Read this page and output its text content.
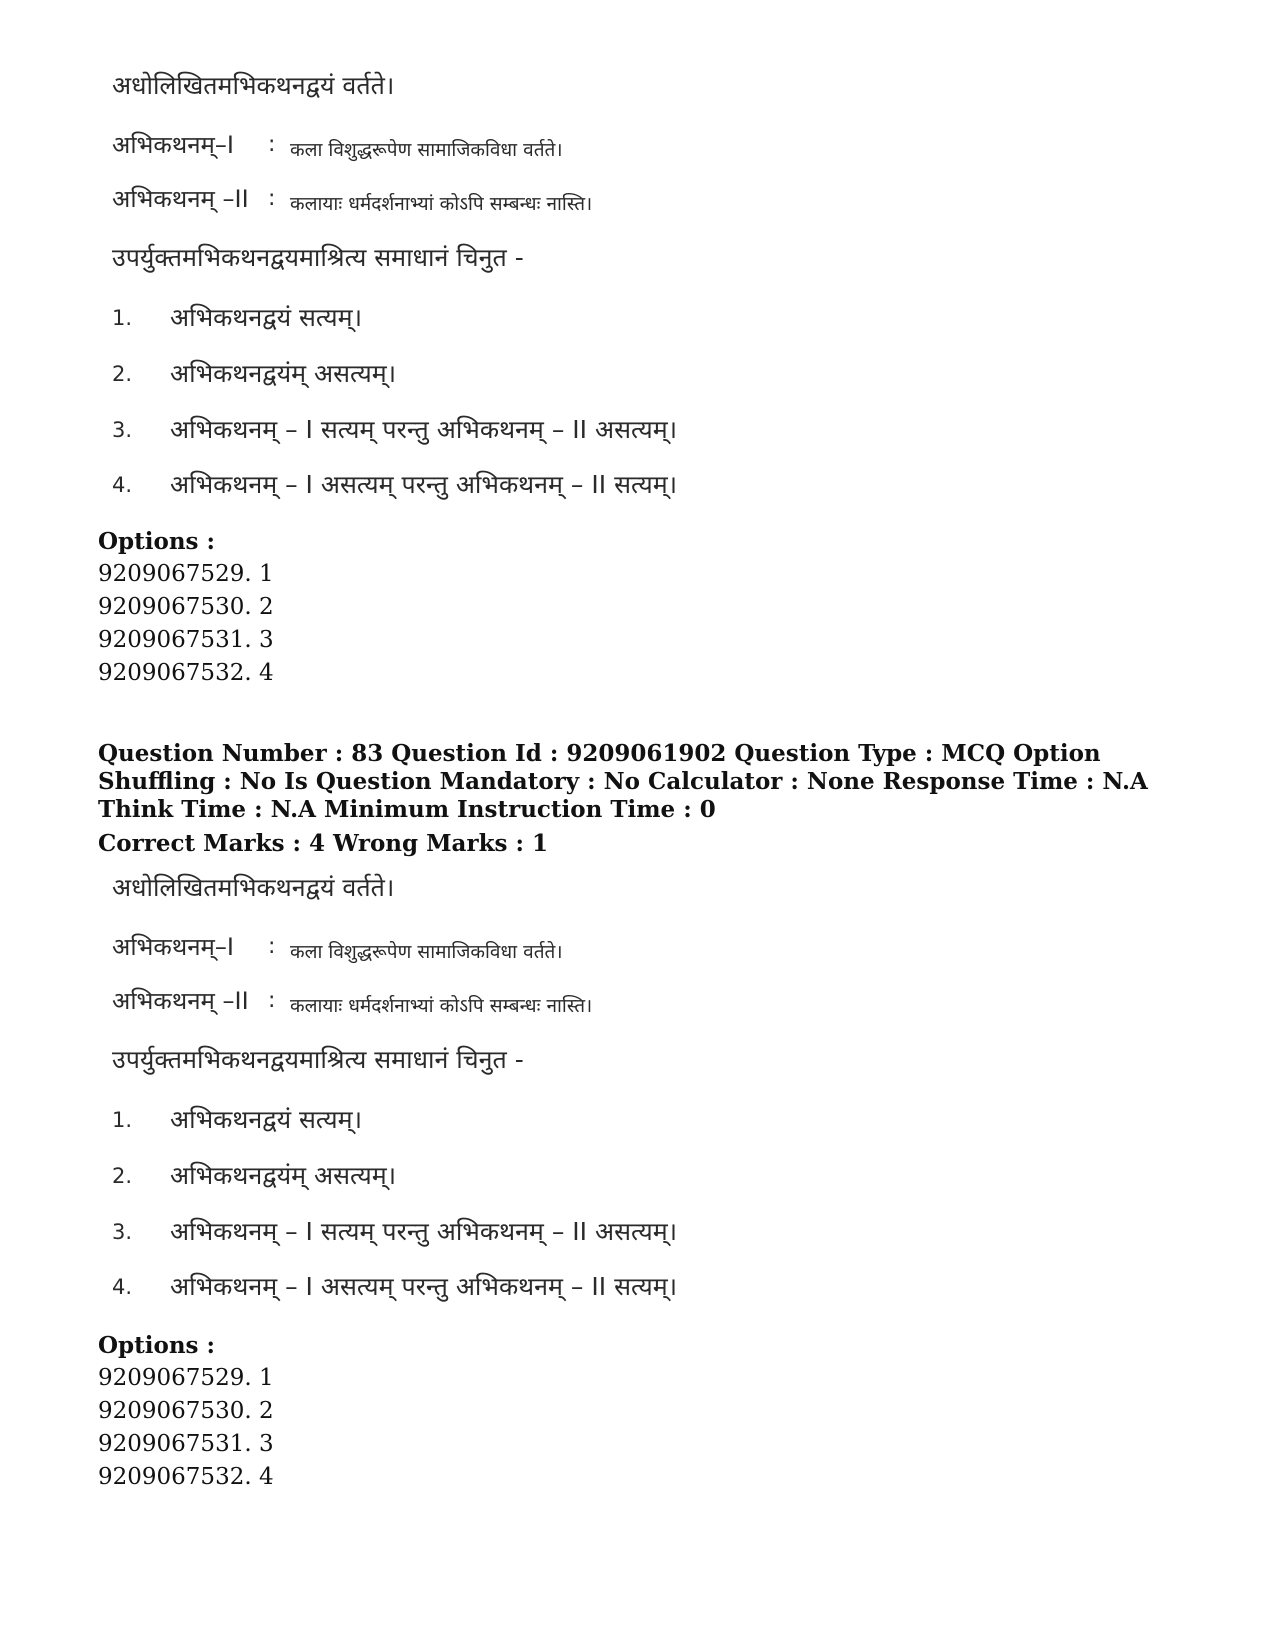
अधोलिखितमभिकथनद्वयं वर्तते।
अभिकथनम्–I : कला विशुद्धरूपेण सामाजिकविधा वर्तते।
अभिकथनम् –II : कलायाः धर्मदर्शनाभ्यां कोऽपि सम्बन्धः नास्ति।
उपर्युक्तमभिकथनद्वयमाश्रित्य समाधानं चिनुत -
1. अभिकथनद्वयं सत्यम्।
2. अभिकथनद्वयंम् असत्यम्।
3. अभिकथनम् – I सत्यम् परन्तु अभिकथनम् – II असत्यम्।
4. अभिकथनम् – I असत्यम् परन्तु अभिकथनम् – II सत्यम्।
Options :
9209067529. 1
9209067530. 2
9209067531. 3
9209067532. 4
Question Number : 83 Question Id : 9209061902 Question Type : MCQ Option Shuffling : No Is Question Mandatory : No Calculator : None Response Time : N.A Think Time : N.A Minimum Instruction Time : 0
Correct Marks : 4 Wrong Marks : 1
अधोलिखितमभिकथनद्वयं वर्तते।
अभिकथनम्–I : कला विशुद्धरूपेण सामाजिकविधा वर्तते।
अभिकथनम् –II : कलायाः धर्मदर्शनाभ्यां कोऽपि सम्बन्धः नास्ति।
उपर्युक्तमभिकथनद्वयमाश्रित्य समाधानं चिनुत -
1. अभिकथनद्वयं सत्यम्।
2. अभिकथनद्वयंम् असत्यम्।
3. अभिकथनम् – I सत्यम् परन्तु अभिकथनम् – II असत्यम्।
4. अभिकथनम् – I असत्यम् परन्तु अभिकथनम् – II सत्यम्।
Options :
9209067529. 1
9209067530. 2
9209067531. 3
9209067532. 4
